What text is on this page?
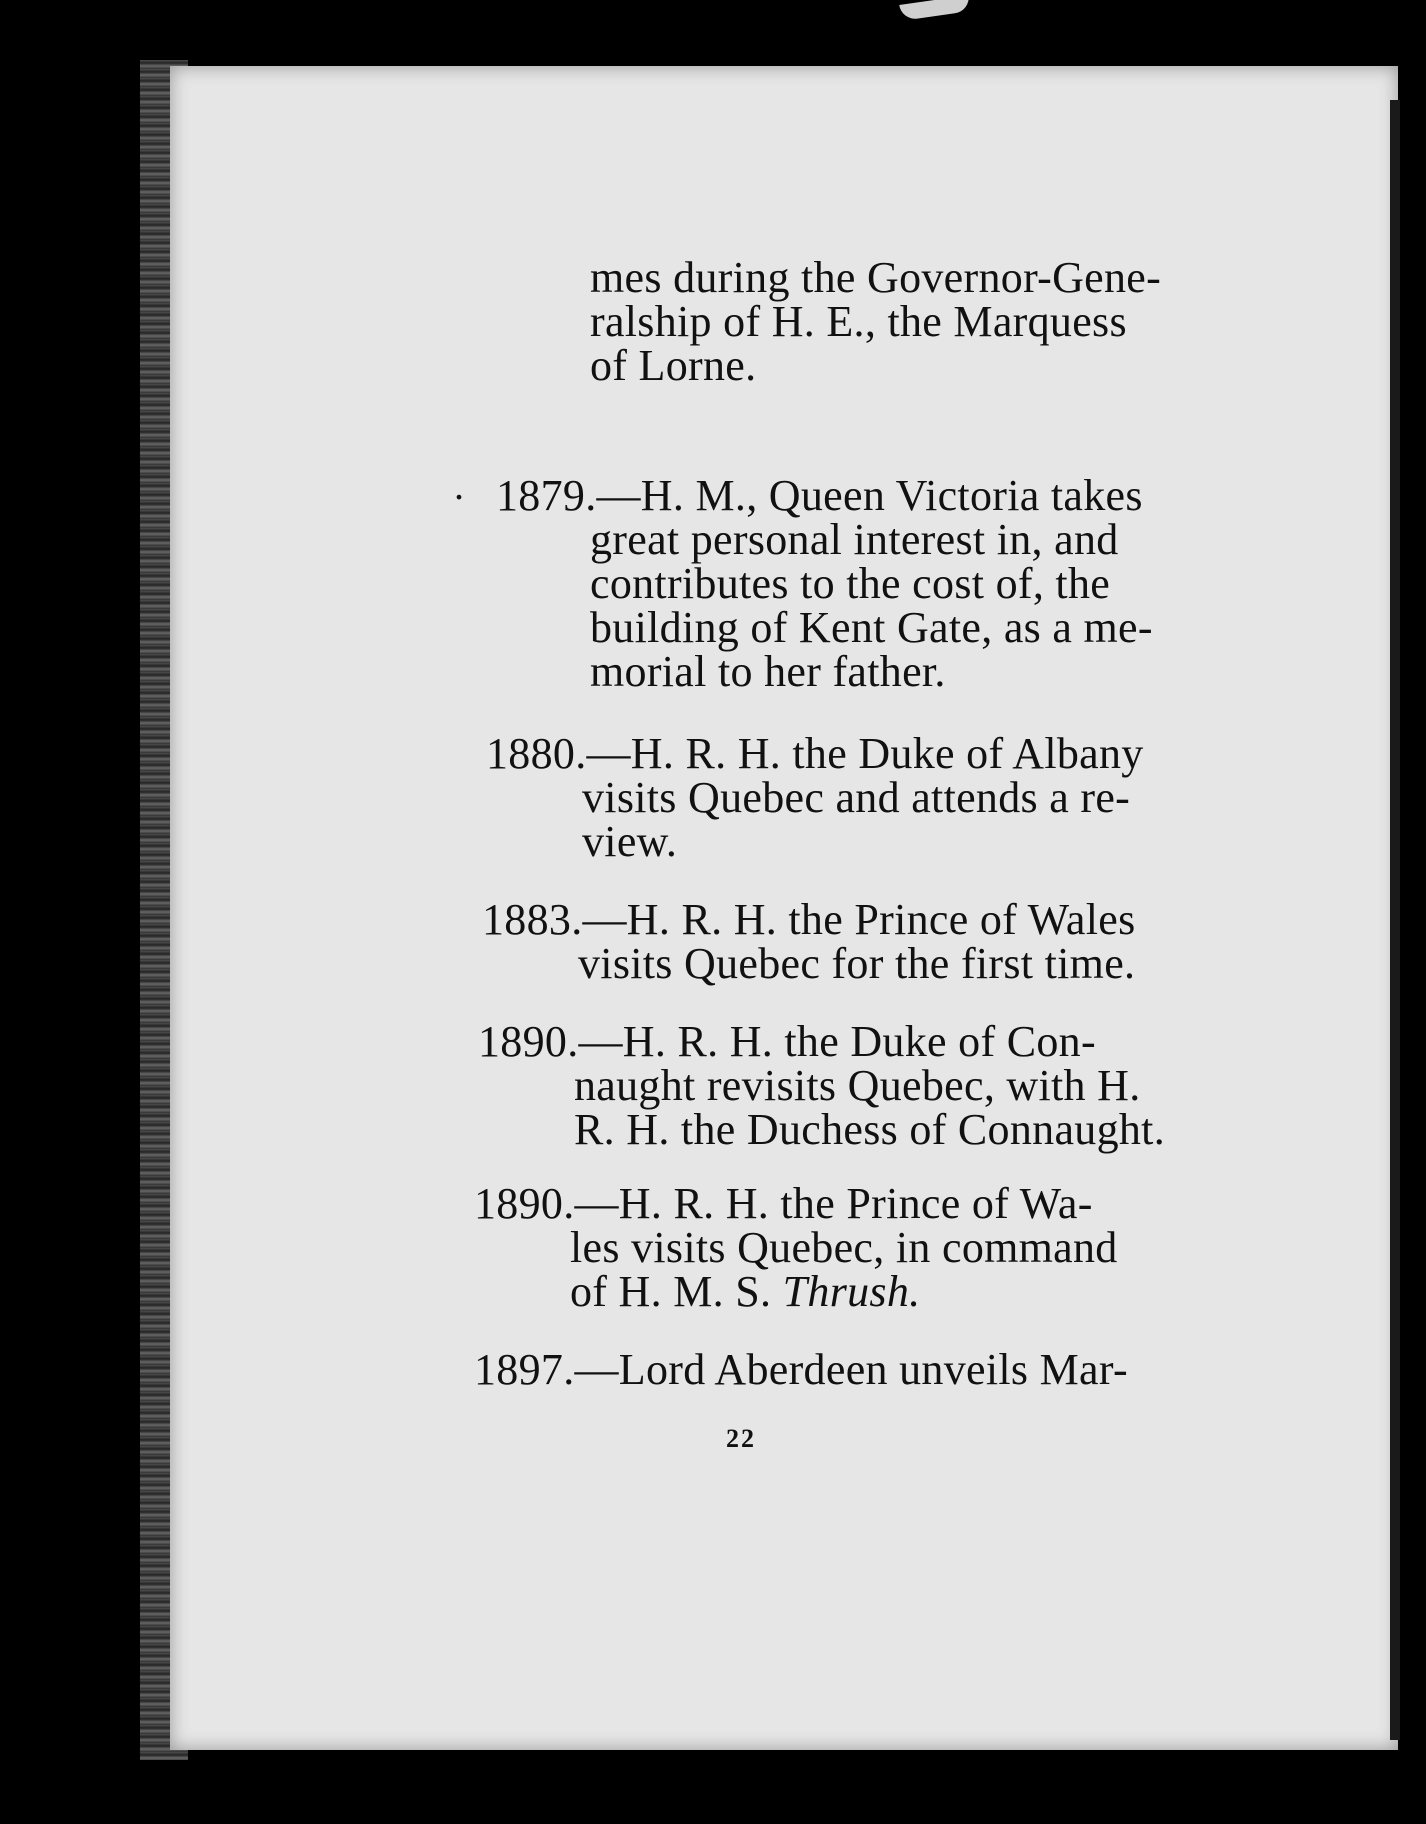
mes during the Governor-Gene-
ralship of H. E., the Marquess
of Lorne.
. 1879.—H. M., Queen Victoria takes
great personal interest in, and
contributes to the cost of, the
building of Kent Gate, as a me-
morial to her father.
1880.—H. R. H. the Duke of Albany
visits Quebec and attends a re-
view.
1883.—H. R. H. the Prince of Wales
visits Quebec for the first time.
1890.—H. R. H. the Duke of Con-
naught revisits Quebec, with H.
R. H. the Duchess of Connaught.
1890.—H. R. H. the Prince of Wa-
les visits Quebec, in command
of H. M. S. Thrush.
1897.—Lord Aberdeen unveils Mar-
22
